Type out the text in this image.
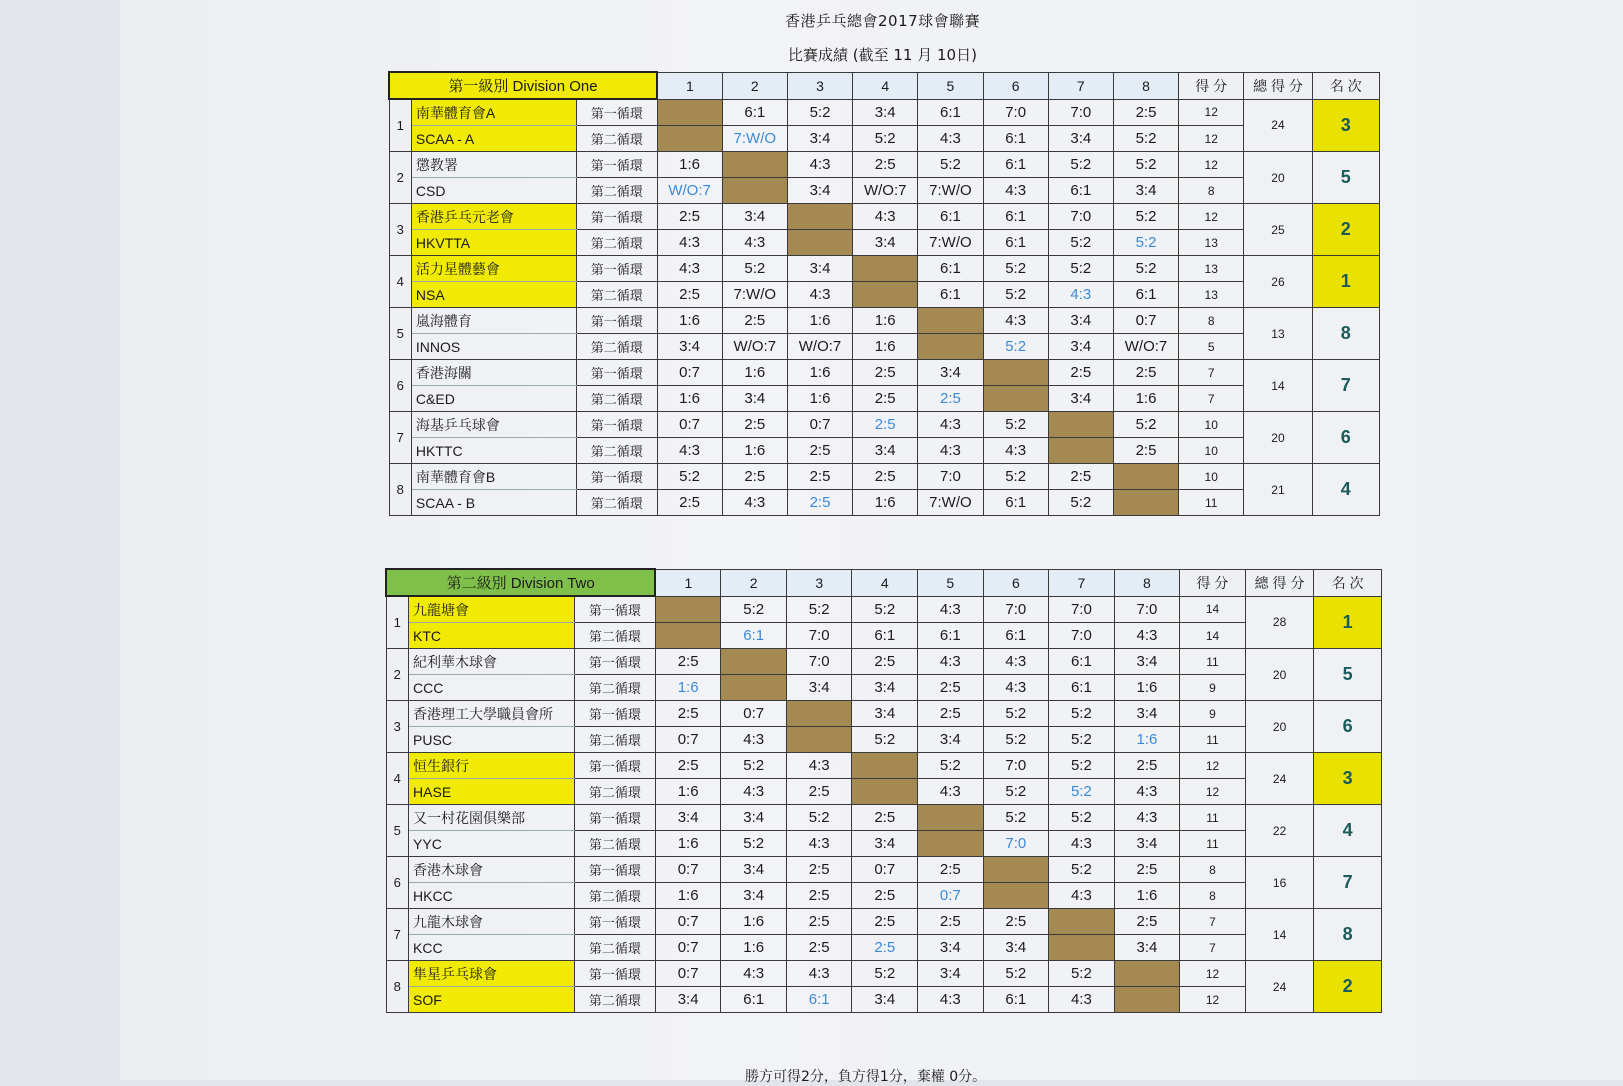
香港乒乓總會2017球會聯賽
比賽成績 (截至 11 月 10日)
第一級別 Division One			1	2	3	4	5	6	7	8	得 分	總 得 分	名 次
1	南華體育會A	第一循環		6:1	5:2	3:4	6:1	7:0	7:0	2:5	12	24	3
	SCAA - A	第二循環		7:W/O	3:4	5:2	4:3	6:1	3:4	5:2	12		
2	懲教署	第一循環	1:6		4:3	2:5	5:2	6:1	5:2	5:2	12	20	5
	CSD	第二循環	W/O:7		3:4	W/O:7	7:W/O	4:3	6:1	3:4	8		
3	香港乒乓元老會	第一循環	2:5	3:4		4:3	6:1	6:1	7:0	5:2	12	25	2
	HKVTTA	第二循環	4:3	4:3		3:4	7:W/O	6:1	5:2	5:2	13		
4	活力星體藝會	第一循環	4:3	5:2	3:4		6:1	5:2	5:2	5:2	13	26	1
	NSA	第二循環	2:5	7:W/O	4:3		6:1	5:2	4:3	6:1	13		
5	嵐海體育	第一循環	1:6	2:5	1:6	1:6		4:3	3:4	0:7	8	13	8
	INNOS	第二循環	3:4	W/O:7	W/O:7	1:6		5:2	3:4	W/O:7	5		
6	香港海關	第一循環	0:7	1:6	1:6	2:5	3:4		2:5	2:5	7	14	7
	C&ED	第二循環	1:6	3:4	1:6	2:5	2:5		3:4	1:6	7		
7	海基乒乓球會	第一循環	0:7	2:5	0:7	2:5	4:3	5:2		5:2	10	20	6
	HKTTC	第二循環	4:3	1:6	2:5	3:4	4:3	4:3		2:5	10		
8	南華體育會B	第一循環	5:2	2:5	2:5	2:5	7:0	5:2	2:5		10	21	4
	SCAA - B	第二循環	2:5	4:3	2:5	1:6	7:W/O	6:1	5:2		11		
第二級別 Division Two			1	2	3	4	5	6	7	8	得 分	總 得 分	名 次
1	九龍塘會	第一循環		5:2	5:2	5:2	4:3	7:0	7:0	7:0	14	28	1
	KTC	第二循環		6:1	7:0	6:1	6:1	6:1	7:0	4:3	14		
2	紀利華木球會	第一循環	2:5		7:0	2:5	4:3	4:3	6:1	3:4	11	20	5
	CCC	第二循環	1:6		3:4	3:4	2:5	4:3	6:1	1:6	9		
3	香港理工大學職員會所	第一循環	2:5	0:7		3:4	2:5	5:2	5:2	3:4	9	20	6
	PUSC	第二循環	0:7	4:3		5:2	3:4	5:2	5:2	1:6	11		
4	恒生銀行	第一循環	2:5	5:2	4:3		5:2	7:0	5:2	2:5	12	24	3
	HASE	第二循環	1:6	4:3	2:5		4:3	5:2	5:2	4:3	12		
5	又一村花園俱樂部	第一循環	3:4	3:4	5:2	2:5		5:2	5:2	4:3	11	22	4
	YYC	第二循環	1:6	5:2	4:3	3:4		7:0	4:3	3:4	11		
6	香港木球會	第一循環	0:7	3:4	2:5	0:7	2:5		5:2	2:5	8	16	7
	HKCC	第二循環	1:6	3:4	2:5	2:5	0:7		4:3	1:6	8		
7	九龍木球會	第一循環	0:7	1:6	2:5	2:5	2:5	2:5		2:5	7	14	8
	KCC	第二循環	0:7	1:6	2:5	2:5	3:4	3:4		3:4	7		
8	隼星乒乓球會	第一循環	0:7	4:3	4:3	5:2	3:4	5:2	5:2		12	24	2
	SOF	第二循環	3:4	6:1	6:1	3:4	4:3	6:1	4:3		12		
勝方可得2分，負方得1分，棄權 0分。
